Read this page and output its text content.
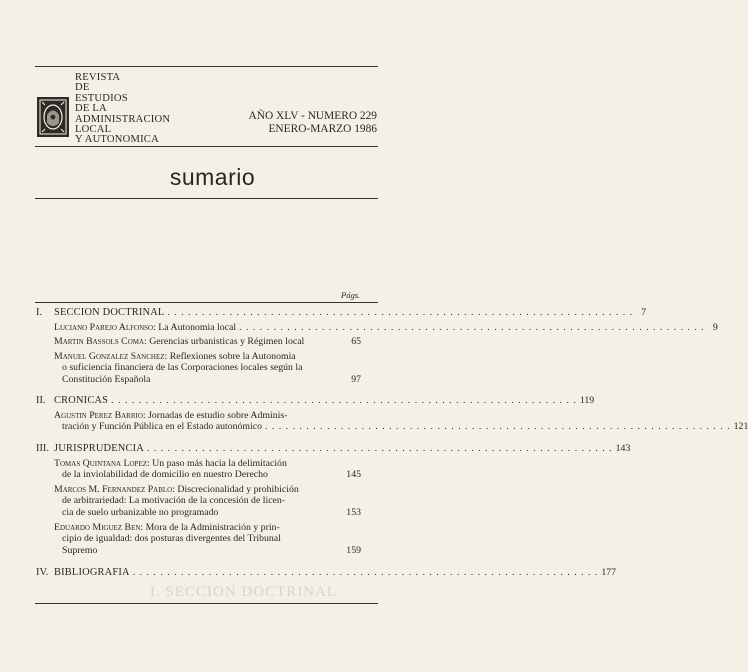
REVISTA
DE
ESTUDIOS
DE LA
ADMINISTRACION
LOCAL
Y AUTONOMICA
AÑO XLV - NUMERO 229
ENERO-MARZO 1986
sumario
Págs.
I. SECCION DOCTRINAL . . . . . . . . . . . . . . . . . . . . . . . . . . . . . . . . . . . . . . . . . . . . . . . . . . . . . . . . . . . . . . . . . . . . 7
Luciano Parejo Alfonso: La Autonomia local . . . . . . . . . . . . . . . . . . . . . . . . . . . . . . . . . . . . . . . . . . . . . . . . . . . . . . . . . . . . . . . . . . . . 9
Martin Bassols Coma: Gerencias urbanisticas y Régimen local	65
Manuel Gonzalez Sanchez: Reflexiones sobre la Autonomia
o suficiencia financiera de las Corporaciones locales según la
Constitución Española	97
II. CRONICAS . . . . . . . . . . . . . . . . . . . . . . . . . . . . . . . . . . . . . . . . . . . . . . . . . . . . . . . . . . . . . . . . . . . . 119
Agustin Perez Barrio: Jornadas de estudio sobre Adminis-
tración y Función Pública en el Estado autonómico . . . . . . . . . . . . . . . . . . . . . . . . . . . . . . . . . . . . . . . . . . . . . . . . . . . . . . . . . . . . . . . . . . . . 121
III. JURISPRUDENCIA . . . . . . . . . . . . . . . . . . . . . . . . . . . . . . . . . . . . . . . . . . . . . . . . . . . . . . . . . . . . . . . . . . . . 143
Tomas Quintana Lopez: Un paso más hacia la delimitación
de la inviolabilidad de domicilio en nuestro Derecho	145
Marcos M. Fernandez Pablo: Discrecionalidad y prohibición
de arbitrariedad: La motivación de la concesión de licen-
cia de suelo urbanizable no programado	153
Eduardo Miguez Ben: Mora de la Administración y prin-
cipio de igualdad: dos posturas divergentes del Tribunal
Supremo	159
IV. BIBLIOGRAFIA . . . . . . . . . . . . . . . . . . . . . . . . . . . . . . . . . . . . . . . . . . . . . . . . . . . . . . . . . . . . . . . . . . . . 177
I. SECCION DOCTRINAL
